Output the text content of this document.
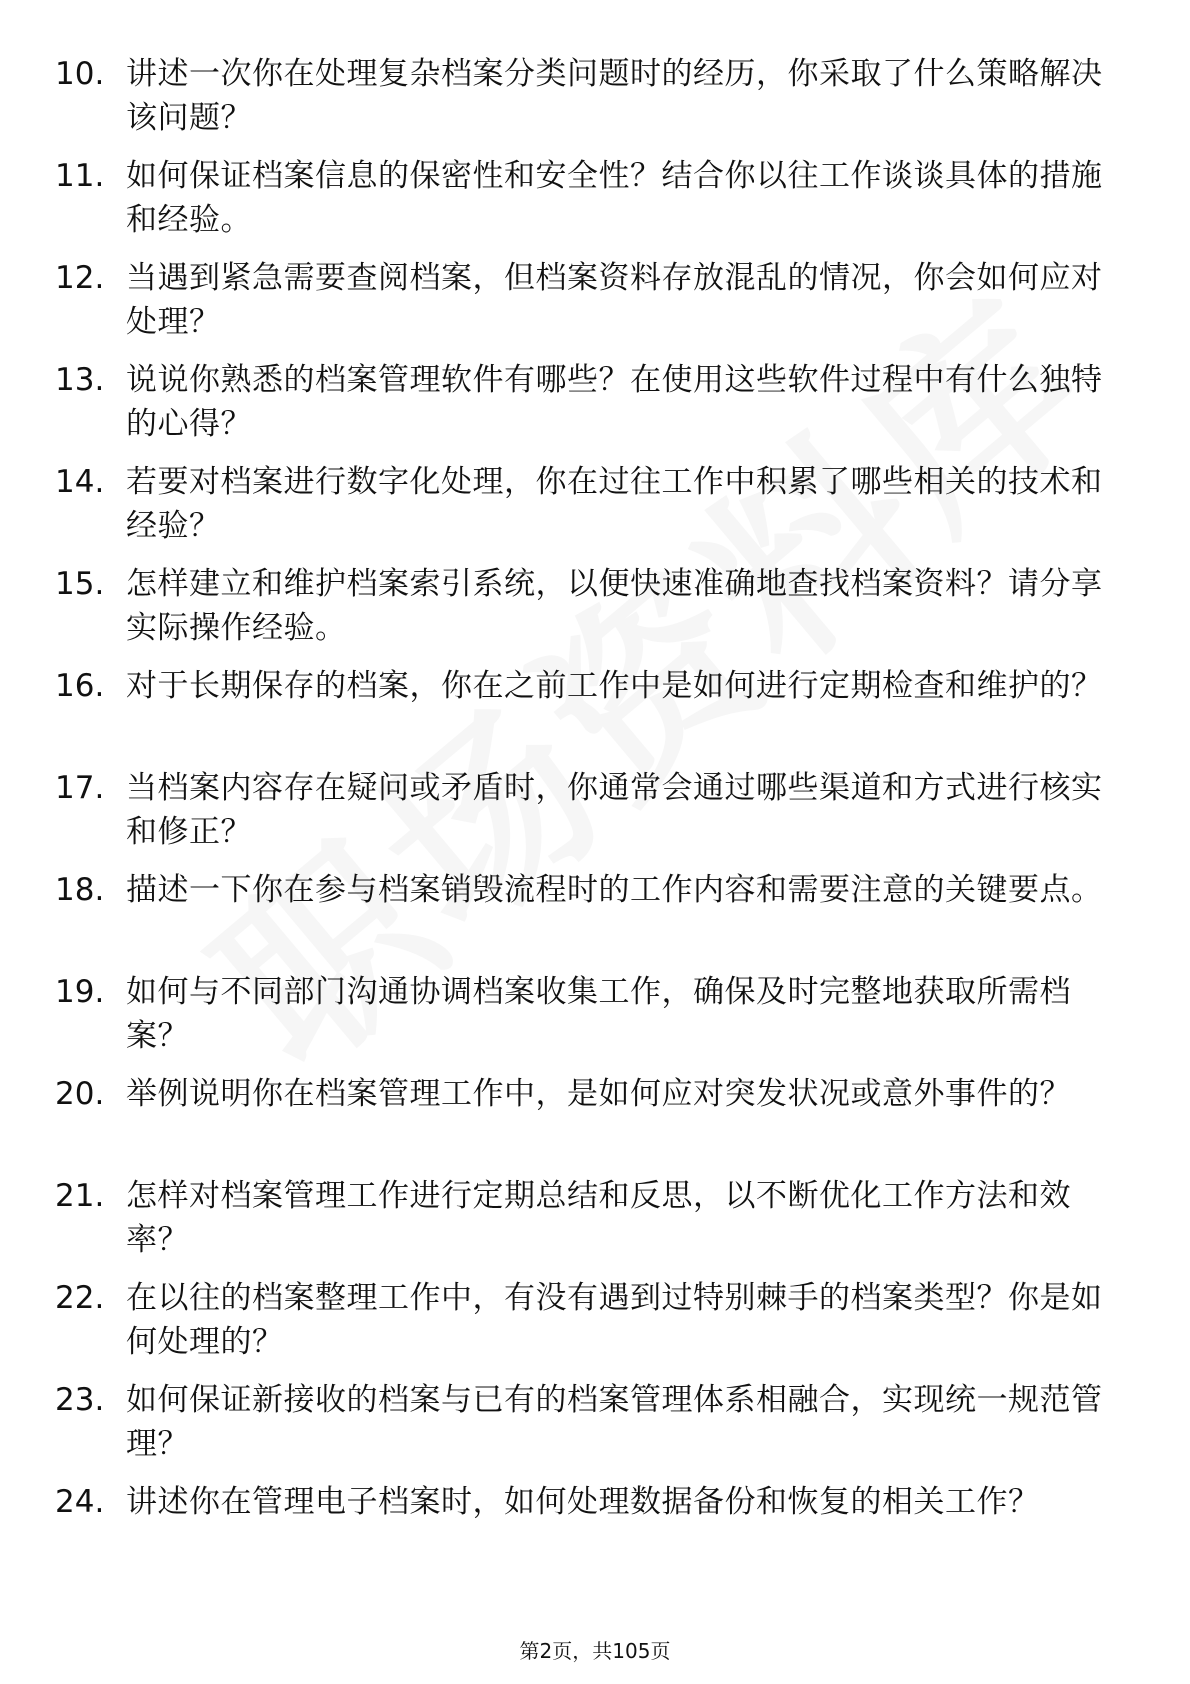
10. 讲述一次你在处理复杂档案分类问题时的经历，你采取了什么策略解决该问题？
11. 如何保证档案信息的保密性和安全性？结合你以往工作谈谈具体的措施和经验。
12. 当遇到紧急需要查阅档案，但档案资料存放混乱的情况，你会如何应对处理？
13. 说说你熟悉的档案管理软件有哪些？在使用这些软件过程中有什么独特的心得？
14. 若要对档案进行数字化处理，你在过往工作中积累了哪些相关的技术和经验？
15. 怎样建立和维护档案索引系统，以便快速准确地查找档案资料？请分享实际操作经验。
16. 对于长期保存的档案，你在之前工作中是如何进行定期检查和维护的？
17. 当档案内容存在疑问或矛盾时，你通常会通过哪些渠道和方式进行核实和修正？
18. 描述一下你在参与档案销毁流程时的工作内容和需要注意的关键要点。
19. 如何与不同部门沟通协调档案收集工作，确保及时完整地获取所需档案？
20. 举例说明你在档案管理工作中，是如何应对突发状况或意外事件的？
21. 怎样对档案管理工作进行定期总结和反思，以不断优化工作方法和效率？
22. 在以往的档案整理工作中，有没有遇到过特别棘手的档案类型？你是如何处理的？
23. 如何保证新接收的档案与已有的档案管理体系相融合，实现统一规范管理？
24. 讲述你在管理电子档案时，如何处理数据备份和恢复的相关工作？
第2页，共105页
